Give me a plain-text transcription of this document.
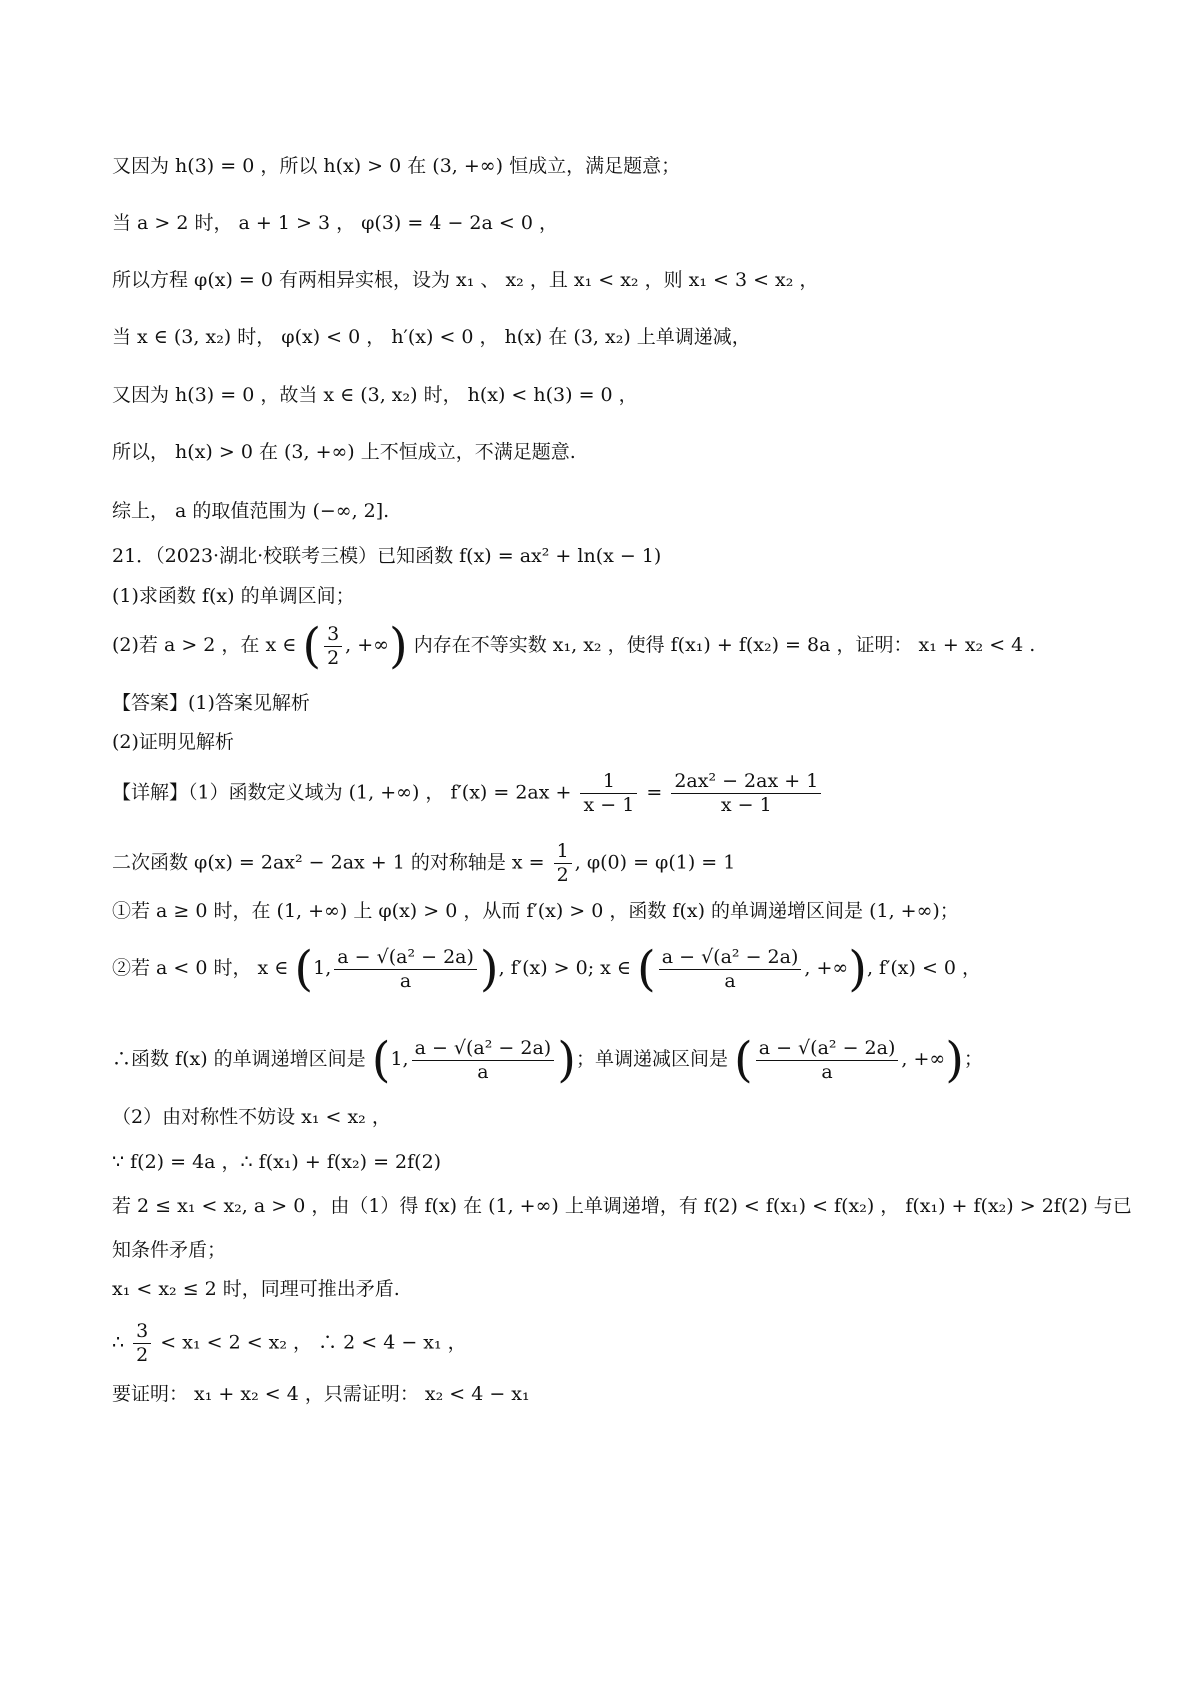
又因为 h(3) = 0 ，所以 h(x) > 0 在 (3, +∞) 恒成立，满足题意；
当 a > 2 时， a + 1 > 3 ， φ(3) = 4 − 2a < 0 ，
所以方程 φ(x) = 0 有两相异实根，设为 x₁ 、 x₂ ，且 x₁ < x₂ ，则 x₁ < 3 < x₂ ，
当 x ∈ (3, x₂) 时， φ(x) < 0 ， h′(x) < 0 ， h(x) 在 (3, x₂) 上单调递减，
又因为 h(3) = 0 ，故当 x ∈ (3, x₂) 时， h(x) < h(3) = 0 ，
所以， h(x) > 0 在 (3, +∞) 上不恒成立，不满足题意.
综上， a 的取值范围为 (−∞, 2].
21．（2023·湖北·校联考三模）已知函数 f(x) = ax² + ln(x − 1)
(1)求函数 f(x) 的单调区间；
(2)若 a > 2 ，在 x ∈ ( $\frac{3}{2}$ , +∞) 内存在不等实数 x₁, x₂ ，使得 f(x₁) + f(x₂) = 8a ，证明： x₁ + x₂ < 4 .
【答案】(1)答案见解析
(2)证明见解析
【详解】（1）函数定义域为 (1, +∞) ， $f'(x) = 2ax + \frac{1}{x - 1} = \frac{\text{2ax² − 2ax + 1}}{x - 1}$
二次函数 φ(x) = 2ax² − 2ax + 1 的对称轴是 $x = \frac{1}{2}$ , φ(0) = φ(1) = 1
①若 a ≥ 0 时，在 (1, +∞) 上 φ(x) > 0 ，从而 f′(x) > 0 ，函数 f(x) 的单调递增区间是 (1, +∞)；
②若 a < 0 时， x ∈ (1, $\frac{\text{a − √(a² − 2a)}}{a}$ ), f′(x) > 0; x ∈ ( $\frac{\text{a − √(a² − 2a)}}{a}$ , +∞), f′(x) < 0 ，
∴函数 f(x) 的单调递增区间是 (1, $\frac{\text{a − √(a² − 2a)}}{a}$ )；单调递减区间是 ( $\frac{\text{a − √(a² − 2a)}}{a}$ , +∞)；
（2）由对称性不妨设 x₁ < x₂ ，
∵ f(2) = 4a ，∴ f(x₁) + f(x₂) = 2f(2)
若 2 ≤ x₁ < x₂, a > 0 ，由（1）得 f(x) 在 (1, +∞) 上单调递增，有 f(2) < f(x₁) < f(x₂) ， f(x₁) + f(x₂) > 2f(2) 与已知条件矛盾；
x₁ < x₂ ≤ 2 时，同理可推出矛盾.
∴ $\frac{3}{2} < x_1 < 2 < x_2$ ， ∴ 2 < 4 − x₁ ，
要证明： x₁ + x₂ < 4 ，只需证明： x₂ < 4 − x₁
